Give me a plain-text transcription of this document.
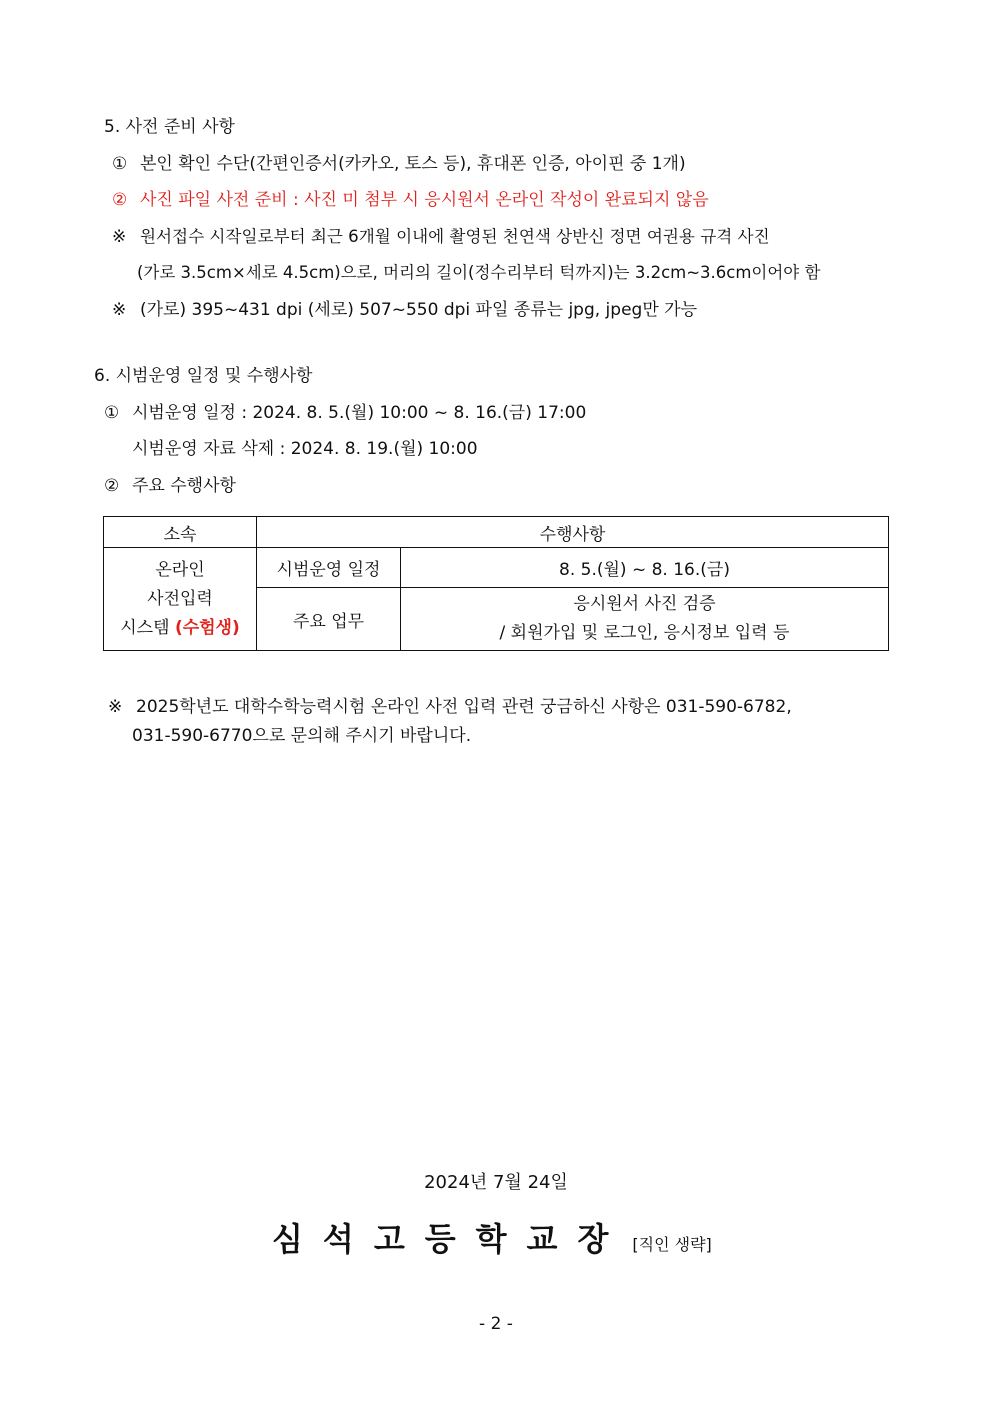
5. 사전 준비 사항
① 본인 확인 수단(간편인증서(카카오, 토스 등), 휴대폰 인증, 아이핀 중 1개)
② 사진 파일 사전 준비 : 사진 미 첨부 시 응시원서 온라인 작성이 완료되지 않음
※ 원서접수 시작일로부터 최근 6개월 이내에 촬영된 천연색 상반신 정면 여권용 규격 사진
(가로 3.5cm×세로 4.5cm)으로, 머리의 길이(정수리부터 턱까지)는 3.2cm~3.6cm이어야 함
※ (가로) 395~431 dpi (세로) 507~550 dpi 파일 종류는 jpg, jpeg만 가능
6. 시범운영 일정 및 수행사항
① 시범운영 일정 : 2024. 8. 5.(월) 10:00 ~ 8. 16.(금) 17:00
시범운영 자료 삭제 : 2024. 8. 19.(월) 10:00
② 주요 수행사항
소속	수행사항	

온라인
사전입력
시스템 (수험생)	시범운영 일정	8. 5.(월) ~ 8. 16.(금)
	주요 업무	응시원서 사진 검증
/ 회원가입 및 로그인, 응시정보 입력 등
※ 2025학년도 대학수학능력시험 온라인 사전 입력 관련 궁금하신 사항은 031-590-6782,
031-590-6770으로 문의해 주시기 바랍니다.
2024년 7월 24일
심석고등학교장 [직인 생략]
- 2 -
